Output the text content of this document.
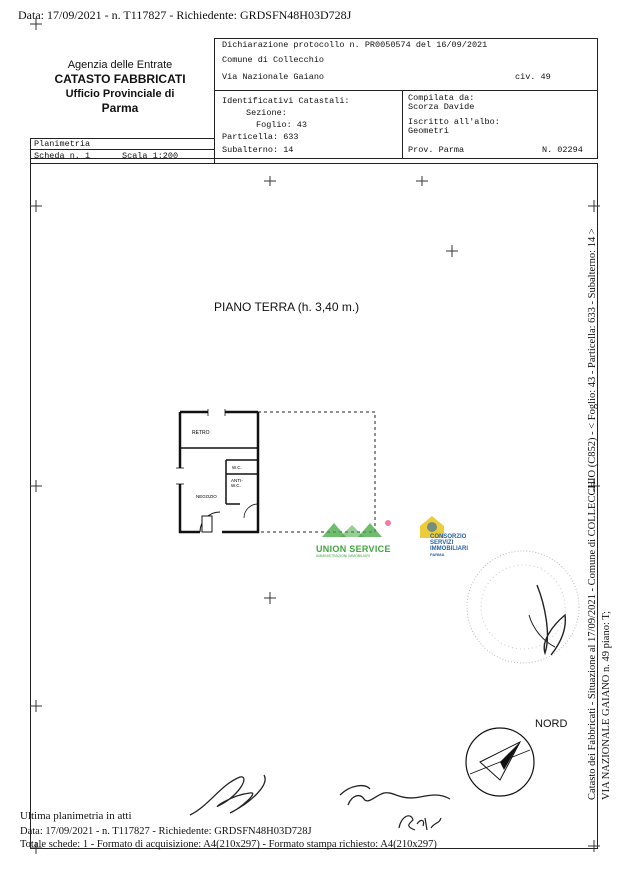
Data: 17/09/2021 - n. T117827 - Richiedente: GRDSFN48H03D728J
Agenzia delle Entrate
CATASTO FABBRICATI
Ufficio Provinciale di
Parma
Dichiarazione protocollo n. PR0050574 del 16/09/2021
Comune di Collecchio
Via Nazionale Gaiano	civ. 49
Identificativi Catastali:
Sezione:
Foglio: 43
Particella: 633
Subalterno: 14
Compilata da:
Scorza Davide
Iscritto all'albo:
Geometri
Prov. Parma	N. 02294
Planimetria
Scheda n. 1	Scala 1:200
PIANO TERRA (h. 3,40 m.)
RETRO
W.C.
ANTI-W.C.
NEGOZIO
UNION SERVICE
AMMINISTRAZIONI IMMOBILIARI
CONSORZIO
SERVIZI
IMMOBILIARI
PARMA	Catasto dei Fabbricati - Situazione al 17/09/2021 - Comune di COLLECCHIO (C852) - < Foglio: 43 - Particella: 633 - Subalterno: 14 > VIA NAZIONALE GAIANO n. 49 piano: T;
NORD
Ultima planimetria in atti
Data: 17/09/2021 - n. T117827 - Richiedente: GRDSFN48H03D728J
Totale schede: 1 - Formato di acquisizione: A4(210x297) - Formato stampa richiesto: A4(210x297)
